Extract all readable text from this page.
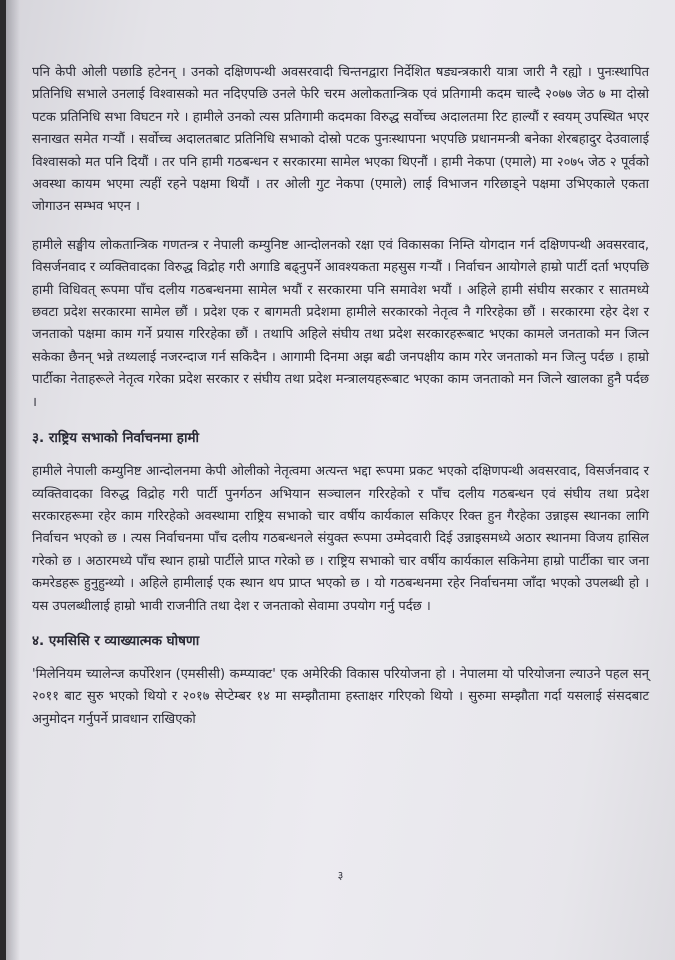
पनि केपी ओली पछाडि हटेनन् । उनको दक्षिणपन्थी अवसरवादी चिन्तनद्वारा निर्देशित षड्यन्त्रकारी यात्रा जारी नै रह्यो । पुनःस्थापित प्रतिनिधि सभाले उनलाई विश्वासको मत नदिएपछि उनले फेरि चरम अलोकतान्त्रिक एवं प्रतिगामी कदम चाल्दै २०७७ जेठ ७ मा दोस्रो पटक प्रतिनिधि सभा विघटन गरे । हामीले उनको त्यस प्रतिगामी कदमका विरुद्ध सर्वोच्च अदालतमा रिट हाल्यौं र स्वयम् उपस्थित भएर सनाखत समेत गर्‍यौं । सर्वोच्च अदालतबाट प्रतिनिधि सभाको दोस्रो पटक पुनःस्थापना भएपछि प्रधानमन्त्री बनेका शेरबहादुर देउवालाई विश्वासको मत पनि दियौं । तर पनि हामी गठबन्धन र सरकारमा सामेल भएका थिएनौं । हामी नेकपा (एमाले) मा २०७५ जेठ २ पूर्वको अवस्था कायम भएमा त्यहीं रहने पक्षमा थियौं । तर ओली गुट नेकपा (एमाले) लाई विभाजन गरिछाड्ने पक्षमा उभिएकाले एकता जोगाउन सम्भव भएन ।

हामीले सङ्घीय लोकतान्त्रिक गणतन्त्र र नेपाली कम्युनिष्ट आन्दोलनको रक्षा एवं विकासका निम्ति योगदान गर्न दक्षिणपन्थी अवसरवाद, विसर्जनवाद र व्यक्तिवादका विरुद्ध विद्रोह गरी अगाडि बढ्नुपर्ने आवश्यकता महसुस गर्‍यौं । निर्वाचन आयोगले हाम्रो पार्टी दर्ता भएपछि हामी विधिवत् रूपमा पाँच दलीय गठबन्धनमा सामेल भयौं र सरकारमा पनि समावेश भयौं । अहिले हामी संघीय सरकार र सातमध्ये छवटा प्रदेश सरकारमा सामेल छौं । प्रदेश एक र बागमती प्रदेशमा हामीले सरकारको नेतृत्व नै गरिरहेका छौं । सरकारमा रहेर देश र जनताको पक्षमा काम गर्ने प्रयास गरिरहेका छौं । तथापि अहिले संघीय तथा प्रदेश सरकारहरूबाट भएका कामले जनताको मन जित्न सकेका छैनन् भन्ने तथ्यलाई नजरन्दाज गर्न सकिदैन । आगामी दिनमा अझ बढी जनपक्षीय काम गरेर जनताको मन जित्नु पर्दछ । हाम्रो पार्टीका नेताहरूले नेतृत्व गरेका प्रदेश सरकार र संघीय तथा प्रदेश मन्त्रालयहरूबाट भएका काम जनताको मन जित्ने खालका हुनै पर्दछ ।

३. राष्ट्रिय सभाको निर्वाचनमा हामी

हामीले नेपाली कम्युनिष्ट आन्दोलनमा केपी ओलीको नेतृत्वमा अत्यन्त भद्दा रूपमा प्रकट भएको दक्षिणपन्थी अवसरवाद, विसर्जनवाद र व्यक्तिवादका विरुद्ध विद्रोह गरी पार्टी पुनर्गठन अभियान सञ्चालन गरिरहेको र पाँच दलीय गठबन्धन एवं संघीय तथा प्रदेश सरकारहरूमा रहेर काम गरिरहेको अवस्थामा राष्ट्रिय सभाको चार वर्षीय कार्यकाल सकिएर रिक्त हुन गैरहेका उन्नाइस स्थानका लागि निर्वाचन भएको छ । त्यस निर्वाचनमा पाँच दलीय गठबन्धनले संयुक्त रूपमा उम्मेदवारी दिई उन्नाइसमध्ये अठार स्थानमा विजय हासिल गरेको छ । अठारमध्ये पाँच स्थान हाम्रो पार्टीले प्राप्त गरेको छ । राष्ट्रिय सभाको चार वर्षीय कार्यकाल सकिनेमा हाम्रो पार्टीका चार जना कमरेडहरू हुनुहुन्थ्यो । अहिले हामीलाई एक स्थान थप प्राप्त भएको छ । यो गठबन्धनमा रहेर निर्वाचनमा जाँदा भएको उपलब्धी हो । यस उपलब्धीलाई हाम्रो भावी राजनीति तथा देश र जनताको सेवामा उपयोग गर्नु पर्दछ ।

४. एमसिसि र व्याख्यात्मक घोषणा

'मिलेनियम च्यालेन्ज कर्पोरेशन (एमसीसी) कम्प्याक्ट' एक अमेरिकी विकास परियोजना हो । नेपालमा यो परियोजना ल्याउने पहल सन् २०११ बाट सुरु भएको थियो र २०१७ सेप्टेम्बर १४ मा सम्झौतामा हस्ताक्षर गरिएको थियो । सुरुमा सम्झौता गर्दा यसलाई संसदबाट अनुमोदन गर्नुपर्ने प्रावधान राखिएको

३
